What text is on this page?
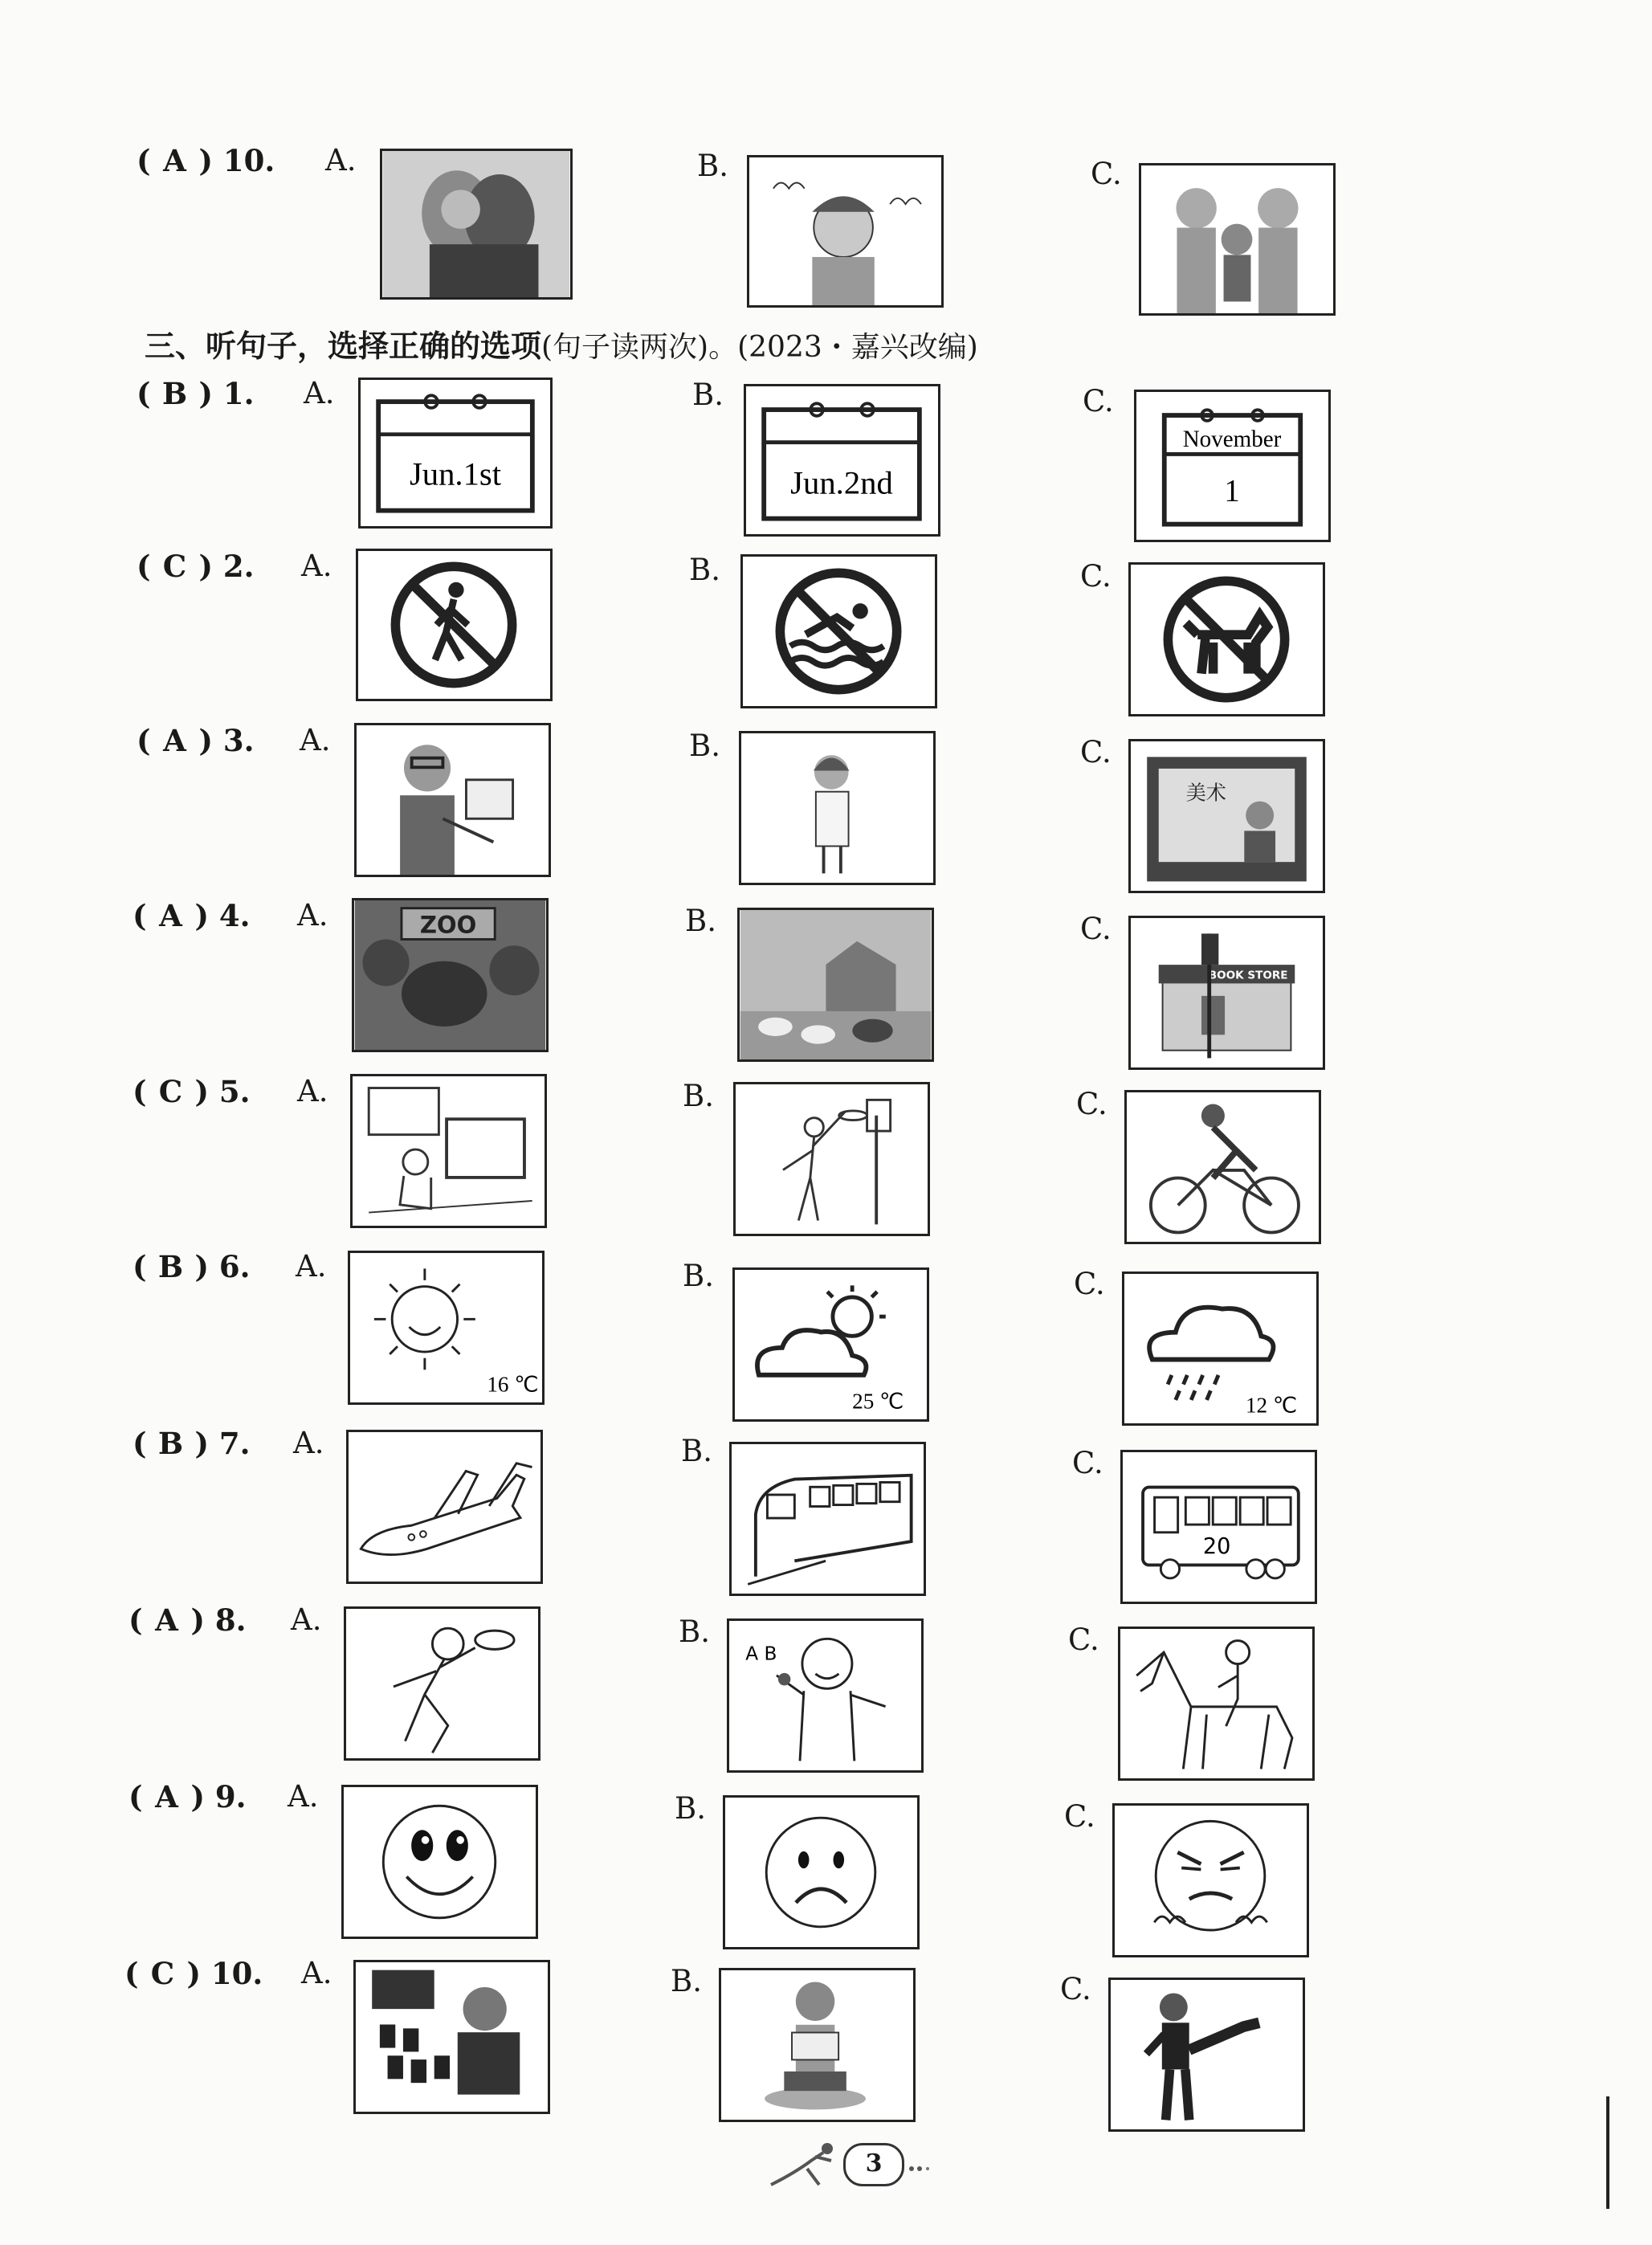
( A ) 10. A.	B.	C.
三、听句子，选择正确的选项(句子读两次)。(2023・嘉兴改编)
( B ) 1. A.
Jun.1st
B.
Jun.2nd
C.
November
1
( C ) 2. A.	B.	C.
( A ) 3. A.	B.	C.
美术
( A ) 4. A.	ZOO	B.	C.
BOOK STORE
( C ) 5. A.	B.	C.
( B ) 6. A.
16 ℃
B.
25 ℃
C.
12 ℃
( B ) 7. A.	B.	C.
20
( A ) 8. A.	B.
A B	C.
( A ) 9. A.	B.	C.
( C ) 10. A.	B.	C.
3
